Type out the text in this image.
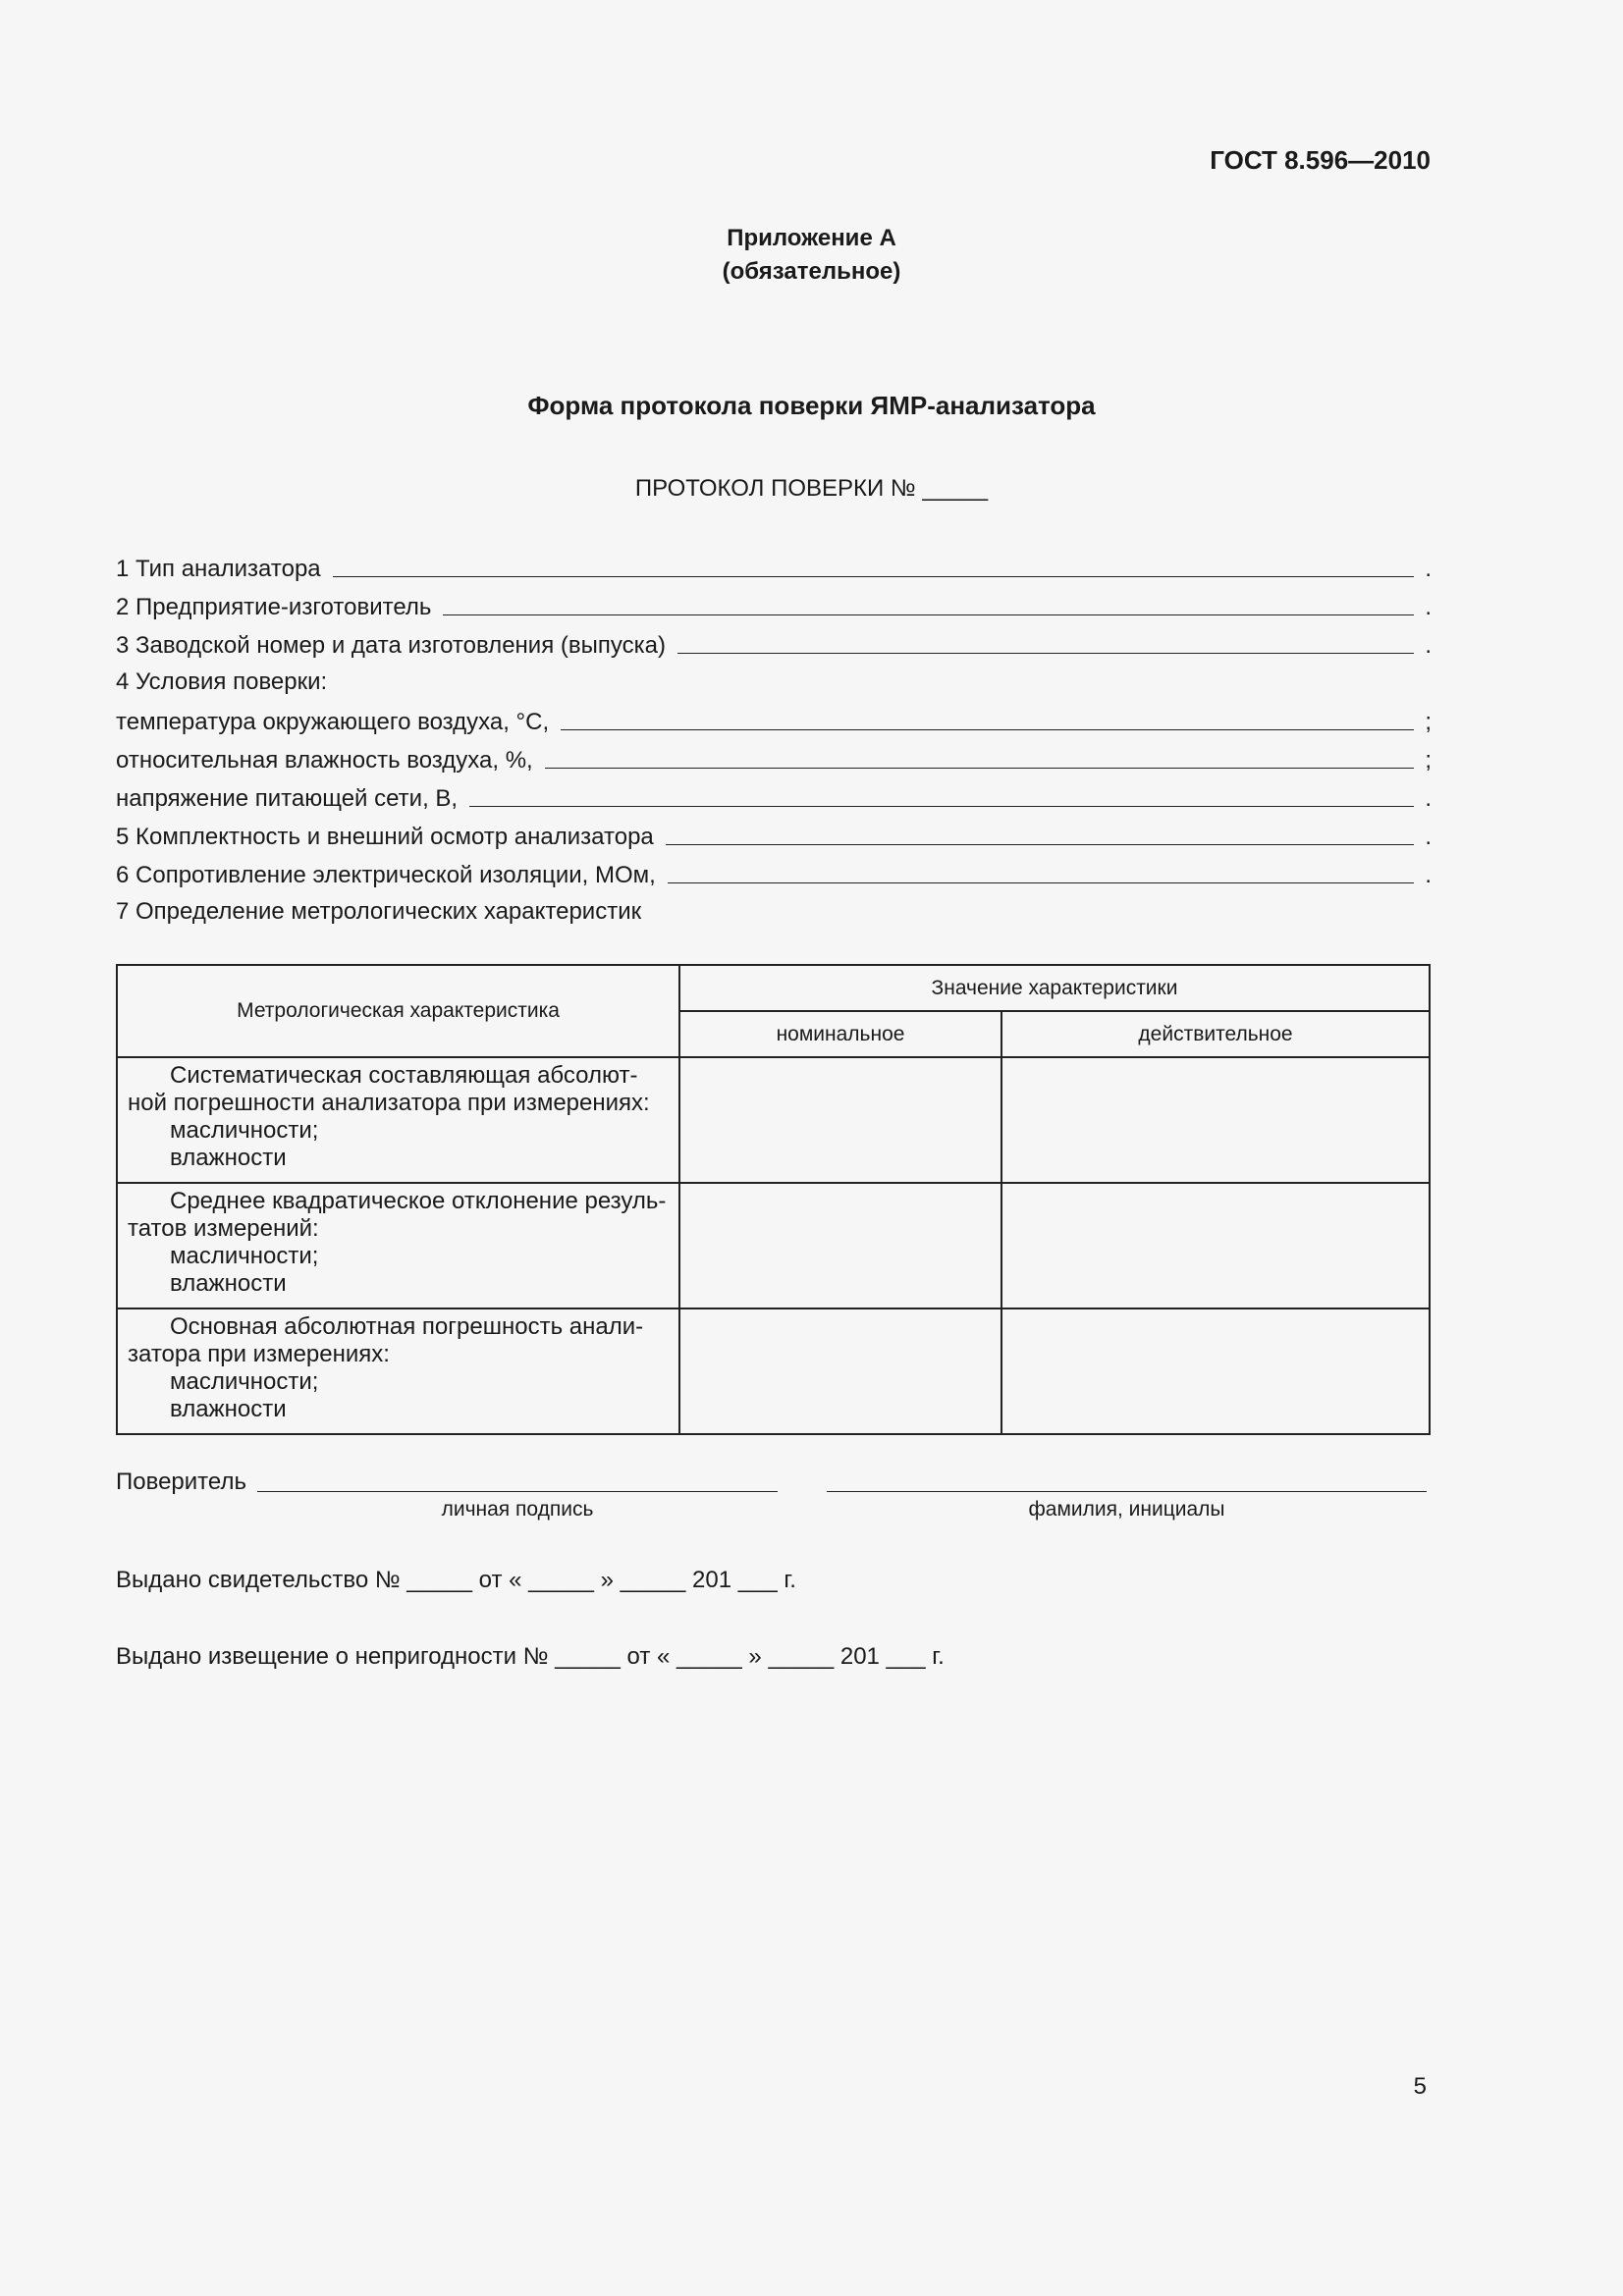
ГОСТ 8.596—2010
Приложение А
(обязательное)
Форма протокола поверки ЯМР-анализатора
ПРОТОКОЛ ПОВЕРКИ № _____
1 Тип анализатора	.
2 Предприятие-изготовитель	.
3 Заводской номер и дата изготовления (выпуска)	.
4 Условия поверки:
температура окружающего воздуха, °С,	;
относительная влажность воздуха, %,	;
напряжение питающей сети, В,	.
5 Комплектность и внешний осмотр анализатора	.
6 Сопротивление электрической изоляции, МОм,	.
7 Определение метрологических характеристик
Метрологическая характеристика	Значение характеристики	
	номинальное	действительное

Систематическая составляющая абсолют-
ной погрешности анализатора при измерениях:
масличности;
влажности		

Среднее квадратическое отклонение резуль-
татов измерений:
масличности;
влажности		

Основная абсолютная погрешность анали-
затора при измерениях:
масличности;
влажности		

Поверитель
личная подпись	фамилия, инициалы
Выдано свидетельство № _____ от « _____ » _____ 201 ___ г.
Выдано извещение о непригодности № _____ от « _____ » _____ 201 ___ г.
5
